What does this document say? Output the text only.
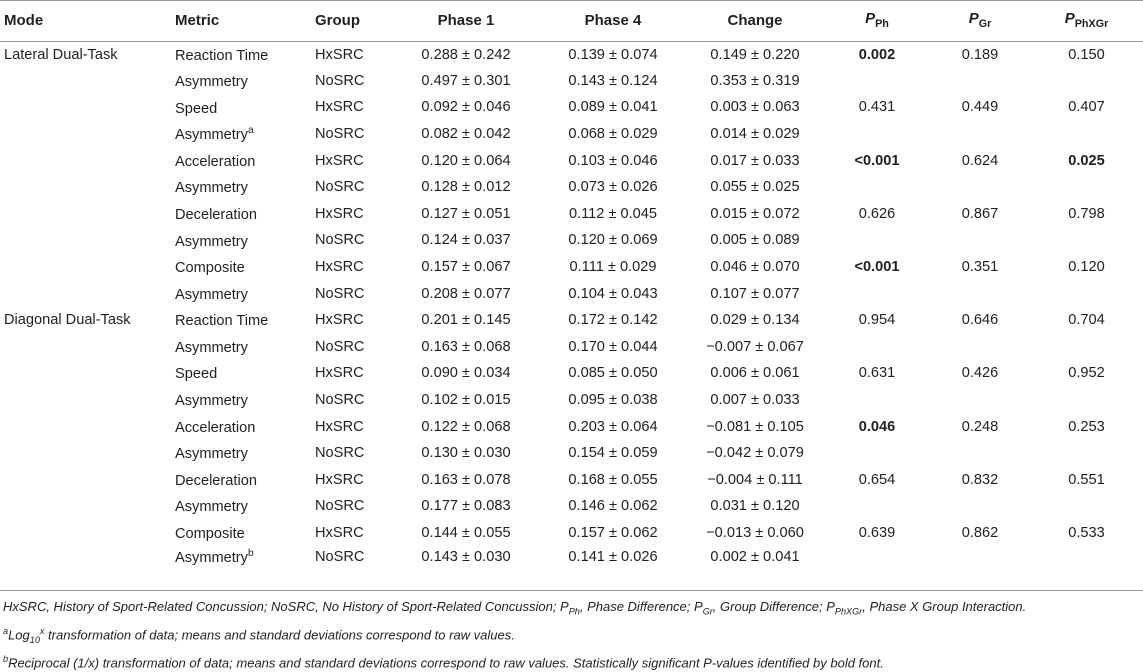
Mode	Metric	Group	Phase 1	Phase 4	Change	$P_{Ph}$	$P_{Gr}$	$P_{PhXGr}$
Lateral Dual-Task	Reaction Time	HxSRC	0.288 ± 0.242	0.139 ± 0.074	0.149 ± 0.220	0.002	0.189	0.150
	Asymmetry	NoSRC	0.497 ± 0.301	0.143 ± 0.124	0.353 ± 0.319			
	Speed	HxSRC	0.092 ± 0.046	0.089 ± 0.041	0.003 ± 0.063	0.431	0.449	0.407
	Asymmetry$^a$	NoSRC	0.082 ± 0.042	0.068 ± 0.029	0.014 ± 0.029			
	Acceleration	HxSRC	0.120 ± 0.064	0.103 ± 0.046	0.017 ± 0.033	<0.001	0.624	0.025
	Asymmetry	NoSRC	0.128 ± 0.012	0.073 ± 0.026	0.055 ± 0.025			
	Deceleration	HxSRC	0.127 ± 0.051	0.112 ± 0.045	0.015 ± 0.072	0.626	0.867	0.798
	Asymmetry	NoSRC	0.124 ± 0.037	0.120 ± 0.069	0.005 ± 0.089			
	Composite	HxSRC	0.157 ± 0.067	0.111 ± 0.029	0.046 ± 0.070	<0.001	0.351	0.120
	Asymmetry	NoSRC	0.208 ± 0.077	0.104 ± 0.043	0.107 ± 0.077			
Diagonal Dual-Task	Reaction Time	HxSRC	0.201 ± 0.145	0.172 ± 0.142	0.029 ± 0.134	0.954	0.646	0.704
	Asymmetry	NoSRC	0.163 ± 0.068	0.170 ± 0.044	−0.007 ± 0.067			
	Speed	HxSRC	0.090 ± 0.034	0.085 ± 0.050	0.006 ± 0.061	0.631	0.426	0.952
	Asymmetry	NoSRC	0.102 ± 0.015	0.095 ± 0.038	0.007 ± 0.033			
	Acceleration	HxSRC	0.122 ± 0.068	0.203 ± 0.064	−0.081 ± 0.105	0.046	0.248	0.253
	Asymmetry	NoSRC	0.130 ± 0.030	0.154 ± 0.059	−0.042 ± 0.079			
	Deceleration	HxSRC	0.163 ± 0.078	0.168 ± 0.055	−0.004 ± 0.111	0.654	0.832	0.551
	Asymmetry	NoSRC	0.177 ± 0.083	0.146 ± 0.062	0.031 ± 0.120			
	Composite	HxSRC	0.144 ± 0.055	0.157 ± 0.062	−0.013 ± 0.060	0.639	0.862	0.533
	Asymmetry$^b$	NoSRC	0.143 ± 0.030	0.141 ± 0.026	0.002 ± 0.041			
HxSRC, History of Sport-Related Concussion; NoSRC, No History of Sport-Related Concussion; $P_{Ph}$, Phase Difference; $P_{Gr}$, Group Difference; $P_{PhXGr}$, Phase X Group Interaction.
$^a$Log$_{10}^x$ transformation of data; means and standard deviations correspond to raw values.
$^b$Reciprocal (1/x) transformation of data; means and standard deviations correspond to raw values. Statistically significant P-values identified by bold font.
